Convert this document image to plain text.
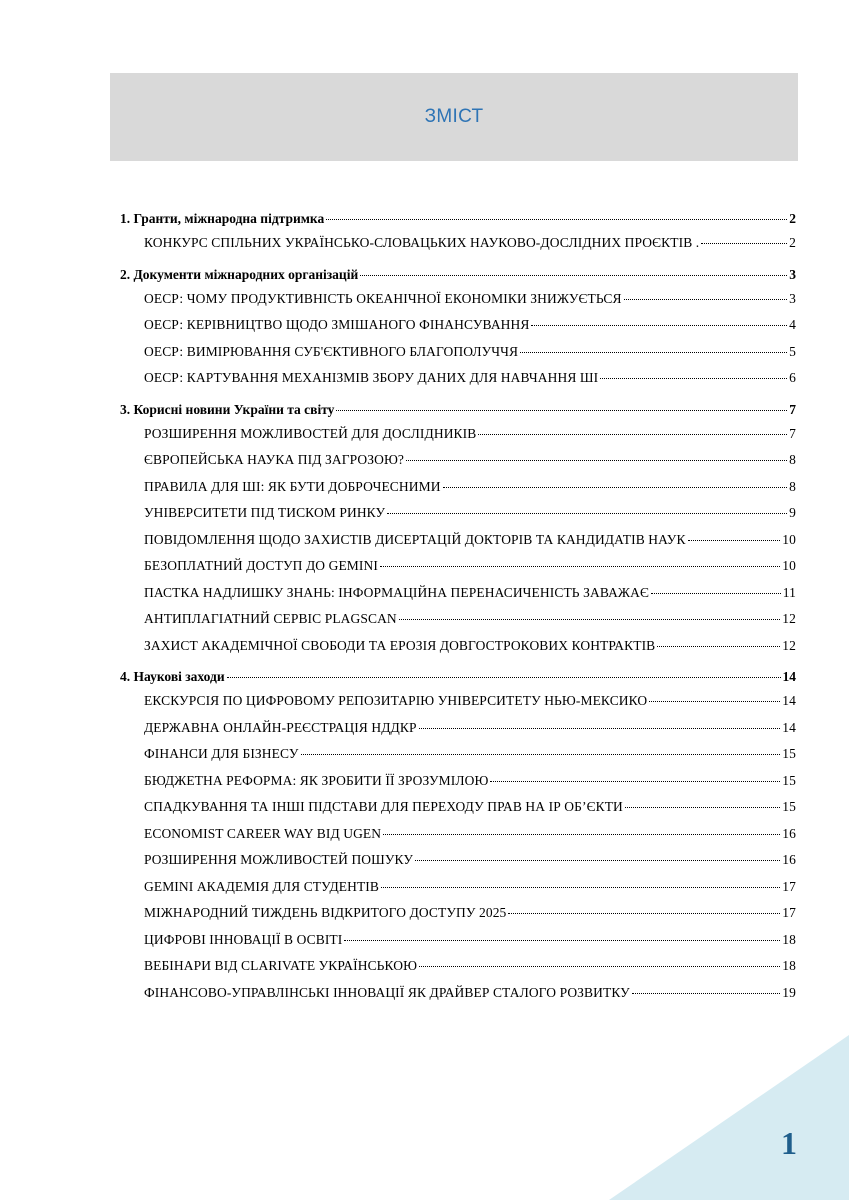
ЗМІСТ
1. Гранти, міжнародна підтримка	2
КОНКУРС СПІЛЬНИХ УКРАЇНСЬКО-СЛОВАЦЬКИХ НАУКОВО-ДОСЛІДНИХ ПРОЄКТІВ .	2
2. Документи міжнародних організацій	3
ОЕСР: ЧОМУ ПРОДУКТИВНІСТЬ ОКЕАНІЧНОЇ ЕКОНОМІКИ ЗНИЖУЄТЬСЯ	3
ОЕСР: КЕРІВНИЦТВО ЩОДО ЗМІШАНОГО ФІНАНСУВАННЯ	4
ОЕСР: ВИМІРЮВАННЯ СУБ'ЄКТИВНОГО БЛАГОПОЛУЧЧЯ	5
ОЕСР: КАРТУВАННЯ МЕХАНІЗМІВ ЗБОРУ ДАНИХ ДЛЯ НАВЧАННЯ ШІ	6
3. Корисні новини України та світу	7
РОЗШИРЕННЯ МОЖЛИВОСТЕЙ ДЛЯ ДОСЛІДНИКІВ	7
ЄВРОПЕЙСЬКА НАУКА ПІД ЗАГРОЗОЮ?	8
ПРАВИЛА ДЛЯ ШІ: ЯК БУТИ ДОБРОЧЕСНИМИ	8
УНІВЕРСИТЕТИ ПІД ТИСКОМ РИНКУ	9
ПОВІДОМЛЕННЯ ЩОДО ЗАХИСТІВ ДИСЕРТАЦІЙ ДОКТОРІВ ТА КАНДИДАТІВ НАУК	10
БЕЗОПЛАТНИЙ ДОСТУП ДО GEMINI	10
ПАСТКА НАДЛИШКУ ЗНАНЬ: ІНФОРМАЦІЙНА ПЕРЕНАСИЧЕНІСТЬ ЗАВАЖАЄ	11
АНТИПЛАГІАТНИЙ СЕРВІС PLAGSCAN	12
ЗАХИСТ АКАДЕМІЧНОЇ СВОБОДИ ТА ЕРОЗІЯ ДОВГОСТРОКОВИХ КОНТРАКТІВ	12
4. Наукові заходи	14
ЕКСКУРСІЯ ПО ЦИФРОВОМУ РЕПОЗИТАРІЮ УНІВЕРСИТЕТУ НЬЮ-МЕКСИКО	14
ДЕРЖАВНА ОНЛАЙН-РЕЄСТРАЦІЯ НДДКР	14
ФІНАНСИ ДЛЯ БІЗНЕСУ	15
БЮДЖЕТНА РЕФОРМА: ЯК ЗРОБИТИ ЇЇ ЗРОЗУМІЛОЮ	15
СПАДКУВАННЯ ТА ІНШІ ПІДСТАВИ ДЛЯ ПЕРЕХОДУ ПРАВ НА ІР ОБ’ЄКТИ	15
ECONOMIST CAREER WAY ВІД UGEN	16
РОЗШИРЕННЯ МОЖЛИВОСТЕЙ ПОШУКУ	16
GEMINI АКАДЕМІЯ ДЛЯ СТУДЕНТІВ	17
МІЖНАРОДНИЙ ТИЖДЕНЬ ВІДКРИТОГО ДОСТУПУ 2025	17
ЦИФРОВІ ІННОВАЦІЇ В ОСВІТІ	18
ВЕБІНАРИ ВІД CLARIVATE УКРАЇНСЬКОЮ	18
ФІНАНСОВО-УПРАВЛІНСЬКІ ІННОВАЦІЇ ЯК ДРАЙВЕР СТАЛОГО РОЗВИТКУ	19
1
